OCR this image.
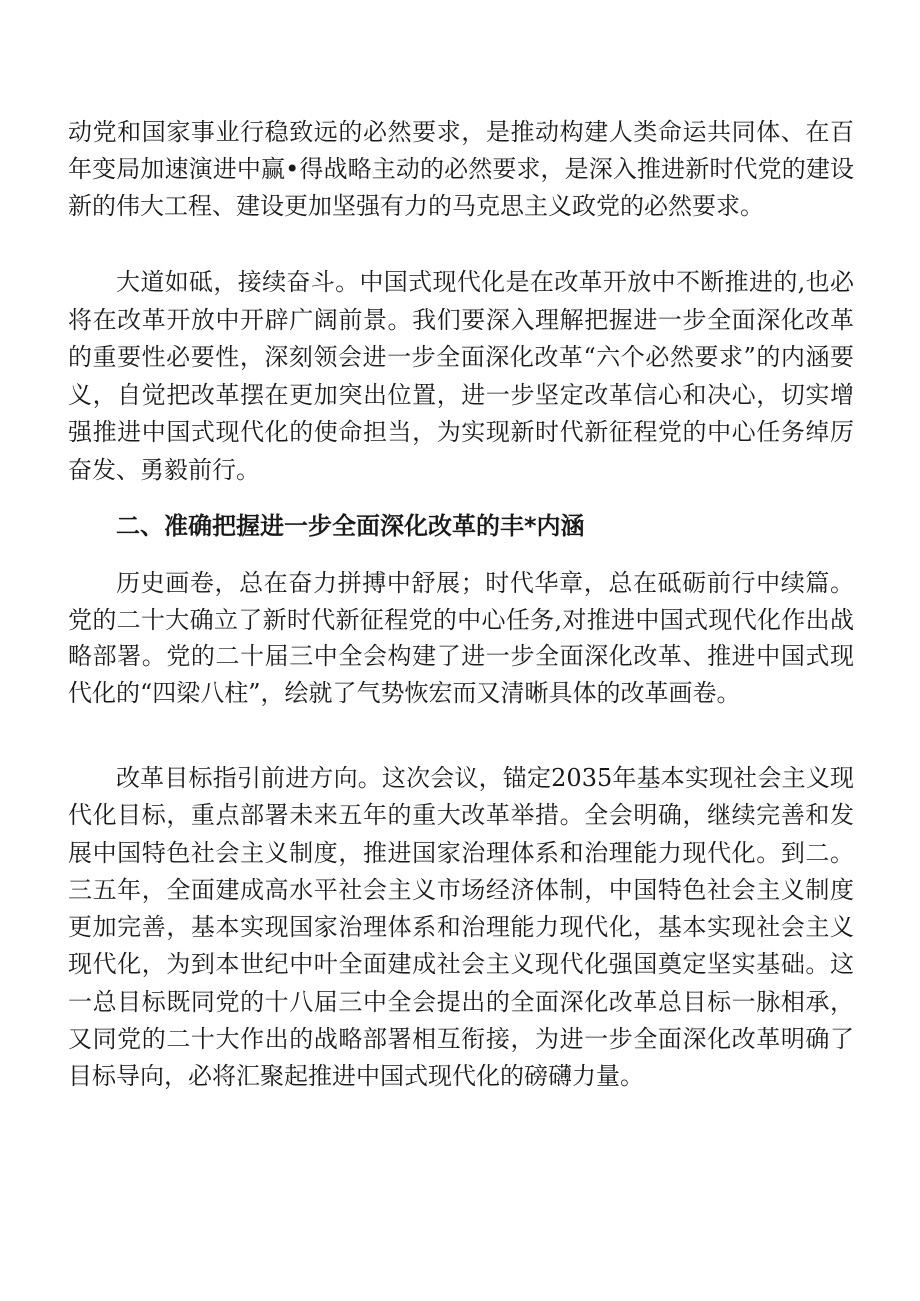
动党和国家事业行稳致远的必然要求，是推动构建人类命运共同体、在百年变局加速演进中赢•得战略主动的必然要求，是深入推进新时代党的建设新的伟大工程、建设更加坚强有力的马克思主义政党的必然要求。

大道如砥，接续奋斗。中国式现代化是在改革开放中不断推进的,也必将在改革开放中开辟广阔前景。我们要深入理解把握进一步全面深化改革的重要性必要性，深刻领会进一步全面深化改革“六个必然要求”的内涵要义，自觉把改革摆在更加突出位置，进一步坚定改革信心和决心，切实增强推进中国式现代化的使命担当，为实现新时代新征程党的中心任务绰厉奋发、勇毅前行。

二、准确把握进一步全面深化改革的丰*内涵

历史画卷，总在奋力拼搏中舒展；时代华章，总在砥砺前行中续篇。党的二十大确立了新时代新征程党的中心任务,对推进中国式现代化作出战略部署。党的二十届三中全会构建了进一步全面深化改革、推进中国式现代化的“四梁八柱”，绘就了气势恢宏而又清晰具体的改革画卷。

改革目标指引前进方向。这次会议，锚定2035年基本实现社会主义现代化目标，重点部署未来五年的重大改革举措。全会明确，继续完善和发展中国特色社会主义制度，推进国家治理体系和治理能力现代化。到二。三五年，全面建成高水平社会主义市场经济体制，中国特色社会主义制度更加完善，基本实现国家治理体系和治理能力现代化，基本实现社会主义现代化，为到本世纪中叶全面建成社会主义现代化强国奠定坚实基础。这一总目标既同党的十八届三中全会提出的全面深化改革总目标一脉相承，又同党的二十大作出的战略部署相互衔接，为进一步全面深化改革明确了目标导向，必将汇聚起推进中国式现代化的磅礴力量。
